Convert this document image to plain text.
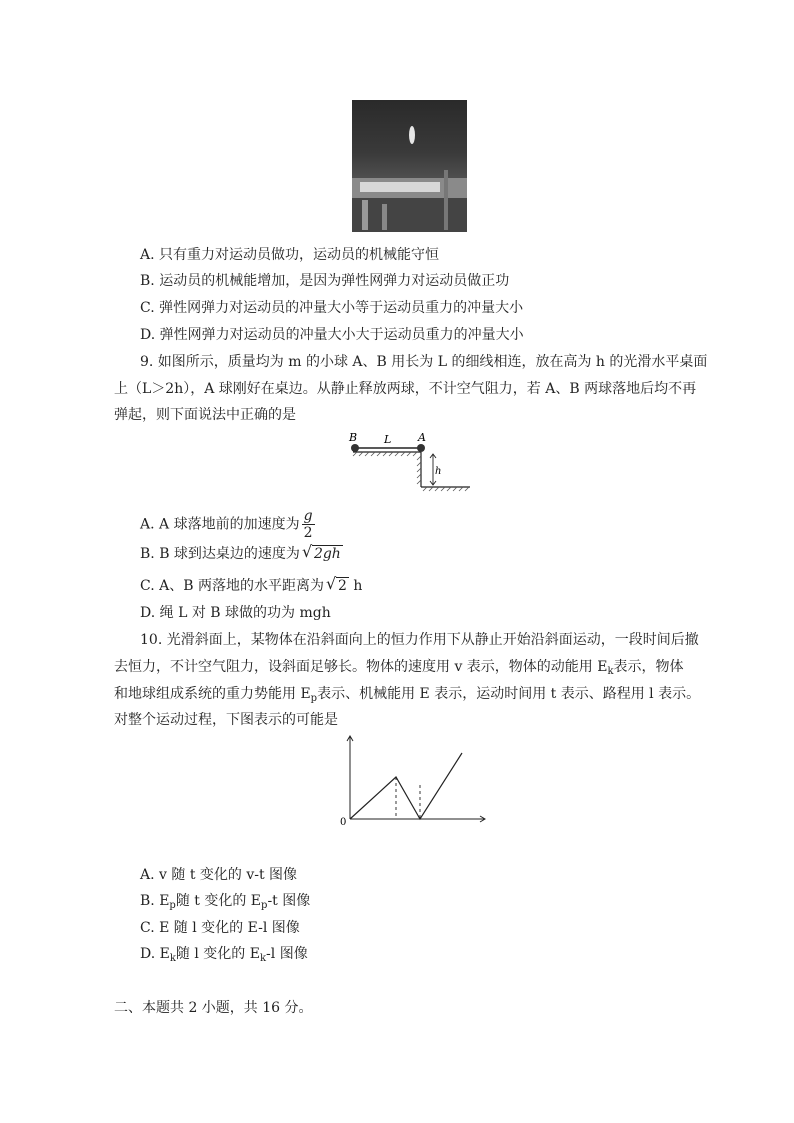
A. 只有重力对运动员做功，运动员的机械能守恒
B. 运动员的机械能增加，是因为弹性网弹力对运动员做正功
C. 弹性网弹力对运动员的冲量大小等于运动员重力的冲量大小
D. 弹性网弹力对运动员的冲量大小大于运动员重力的冲量大小
9. 如图所示，质量均为 m 的小球 A、B 用长为 L 的细线相连，放在高为 h 的光滑水平桌面
上（L＞2h），A 球刚好在桌边。从静止释放两球，不计空气阻力，若 A、B 两球落地后均不再
弹起，则下面说法中正确的是
B L A
h
A. A 球落地前的加速度为 $\frac{g}{2}$
B. B 球到达桌边的速度为 √ 2gh
C. A、B 两落地的水平距离为 √ 2 h
D. 绳 L 对 B 球做的功为 mgh
10. 光滑斜面上，某物体在沿斜面向上的恒力作用下从静止开始沿斜面运动，一段时间后撤
去恒力，不计空气阻力，设斜面足够长。物体的速度用 v 表示，物体的动能用 $E_k$表示，物体
和地球组成系统的重力势能用 $E_p$表示、机械能用 E 表示，运动时间用 t 表示、路程用 l 表示。
对整个运动过程，下图表示的可能是
0
A. v 随 t 变化的 v-t 图像
B. $E_p$随 t 变化的 $E_p-t$ 图像
C. E 随 l 变化的 E-l 图像
D. $E_k$随 l 变化的 $E_k-l$ 图像
二、本题共 2 小题，共 16 分。
